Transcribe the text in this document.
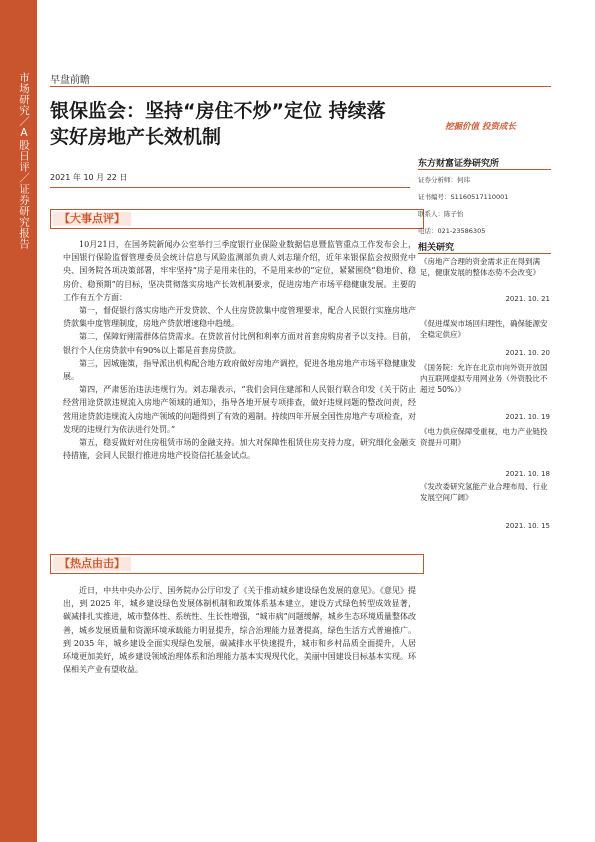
市场研究／A股日评／证券研究报告 早盘前瞻
银保监会：坚持“房住不炒”定位 持续落实好房地产长效机制	挖掘价值 投资成长
2021 年 10 月 22 日
【大事点评】

10月21日，在国务院新闻办公室举行三季度银行业保险业数据信息暨监管重点工作发布会上，中国银行保险监督管理委员会统计信息与风险监测部负责人刘志瑞介绍，近年来银保监会按照党中央、国务院各项决策部署，牢牢坚持“房子是用来住的，不是用来炒的”定位，紧紧围绕“稳地价、稳房价、稳预期”的目标，坚决贯彻落实房地产长效机制要求，促进房地产市场平稳健康发展。主要的工作有五个方面：

第一，督促银行落实房地产开发贷款、个人住房贷款集中度管理要求，配合人民银行实施房地产贷款集中度管理制度，房地产贷款增速稳中趋缓。

第二，保障好刚需群体信贷需求。在贷款首付比例和利率方面对首套房购房者予以支持。目前，银行个人住房贷款中有90%以上都是首套房贷款。

第三，因城施策，指导派出机构配合地方政府做好房地产调控，促进各地房地产市场平稳健康发展。

第四，严肃惩治违法违规行为。刘志瑞表示，“我们会同住建部和人民银行联合印发《关于防止经营用途贷款违规流入房地产领域的通知》，指导各地开展专项排查，做好违规问题的整改问责，经营用途贷款违规流入房地产领域的问题得到了有效的遏制。持续四年开展全国性房地产专项检查，对发现的违规行为依法进行处罚。”

第五，稳妥做好对住房租赁市场的金融支持。加大对保障性租赁住房支持力度，研究细化金融支持措施，会同人民银行推进房地产投资信托基金试点。

【热点由击】

近日，中共中央办公厅、国务院办公厅印发了《关于推动城乡建设绿色发展的意见》。《意见》提出，到 2025 年，城乡建设绿色发展体制机制和政策体系基本建立，建设方式绿色转型成效显著，碳减排扎实推进，城市整体性、系统性、生长性增强，“城市病”问题缓解，城乡生态环境质量整体改善，城乡发展质量和资源环境承载能力明显提升，综合治理能力显著提高，绿色生活方式普遍推广。到 2035 年，城乡建设全面实现绿色发展，碳减排水平快速提升，城市和乡村品质全面提升，人居环境更加美好，城乡建设领域治理体系和治理能力基本实现现代化，美丽中国建设目标基本实现。环保相关产业有望收益。

东方财富证券研究所
证券分析师：何玮
证书编号：S1160517110001
联系人：陈子怡
电话：021-23586305
相关研究
《房地产合理的资金需求正在得到满足，健康发展的整体态势不会改变》
2021. 10. 21
《促进煤炭市场回归理性，确保能源安全稳定供应》
2021. 10. 20
《国务院：允许在北京市向外资开放国内互联网虚拟专用网业务（外资股比不超过 50%）》
2021. 10. 19
《电力供应保障受重视，电力产业链投资提升可期》
2021. 10. 18
《发改委研究氢能产业合理布局、行业发展空间广阔》
2021. 10. 15
